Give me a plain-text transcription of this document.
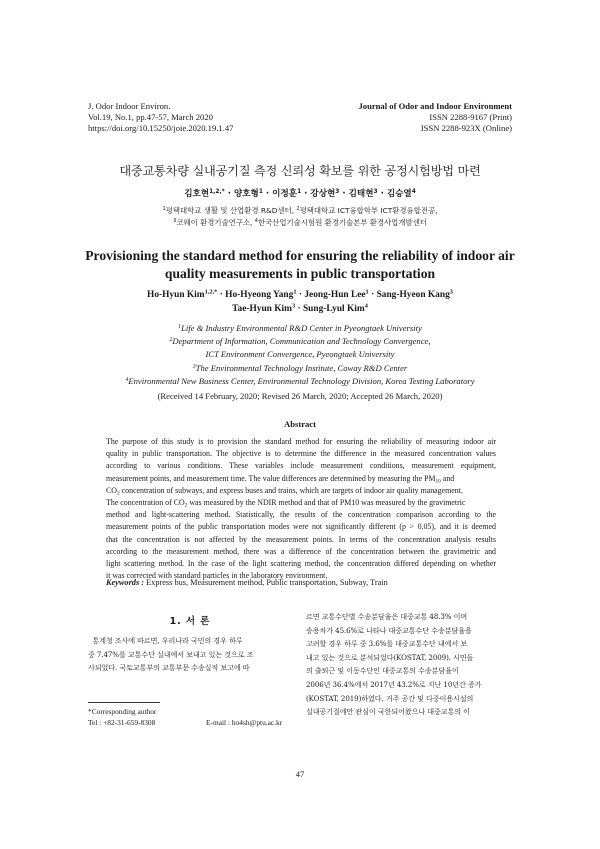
J. Odor Indoor Environ.
Vol.19, No.1, pp.47-57, March 2020
https://doi.org/10.15250/joie.2020.19.1.47
Journal of Odor and Indoor Environment
ISSN 2288-9167 (Print)
ISSN 2288-923X (Online)
대중교통차량 실내공기질 측정 신뢰성 확보를 위한 공정시험방법 마련
김호현$^{1,2,*}$ · 양호형$^1$ · 이정훈$^1$ · 강상현$^3$ · 김태현$^3$ · 김승열$^4$
$^1$평택대학교 생활 및 산업환경 R&D센터, $^2$평택대학교 ICT융합학부 ICT환경융합전공,
$^3$코웨이 환경기술연구소, $^4$한국산업기술시험원 환경기술본부 환경사업개발센터
Provisioning the standard method for ensuring the reliability of indoor air
quality measurements in public transportation
Ho-Hyun Kim$^{1,2,*}$ · Ho-Hyeong Yang$^1$ · Jeong-Hun Lee$^1$ · Sang-Hyeon Kang$^3$
Tae-Hyun Kim$^3$ · Sung-Lyul Kim$^4$
$^1$Life & Industry Environmental R&D Center in Pyeongtaek University
$^2$Department of Information, Communication and Technology Convergence,
ICT Environment Convergence, Pyeongtaek University
$^3$The Environmental Technology Institute, Coway R&D Center
$^4$Environmental New Business Center, Environmental Technology Division, Korea Testing Laboratory
(Received 14 February, 2020; Revised 26 March, 2020; Accepted 26 March, 2020)
Abstract
The purpose of this study is to provision the standard method for ensuring the reliability of measuring indoor air
quality in public transportation. The objective is to determine the difference in the measured concentration values
according to various conditions. These variables include measurement conditions, measurement equipment,
measurement points, and measurement time. The value differences are determined by measuring the $PM_{10}$ and
$CO_2$ concentration of subways, and express buses and trains, which are targets of indoor air quality management.
The concentration of $CO_2$ was measured by the NDIR method and that of PM10 was measured by the gravimetric
method and light-scattering method. Statistically, the results of the concentration comparison according to the
measurement points of the public transportation modes were not significantly different (p > 0.05), and it is deemed
that the concentration is not affected by the measurement points. In terms of the concentration analysis results
according to the measurement method, there was a difference of the concentration between the gravimetric and
light scattering method. In the case of the light scattering method, the concentration differed depending on whether
it was corrected with standard particles in the laboratory environment.
Keywords : Express bus, Measurement method, Public transportation, Subway, Train
1. 서 론
통계청 조사에 따르면, 우리나라 국민의 경우 하루
중 7.47%를 교통수단 실내에서 보내고 있는 것으로 조
사되었다. 국토교통부의 교통부문 수송실적 보고에 따
르면 교통수단별 수송분담율은 대중교통 48.3% 이며
승용차가 45.6%로 나타나 대중교통수단 수송분담율을
고려할 경우 하루 중 3.6%를 대중교통수단 내에서 보
내고 있는 것으로 분석되었다(KOSTAT, 2009). 시민들
의 출퇴근 및 이동수단인 대중교통의 수송분담율이
2006년 36.4%에서 2017년 43.2%로 지난 10년간 증가
(KOSTAT, 2019)하였다. 거주 공간 및 다중이용시설의
실내공기질에만 관심이 국한되어왔으나 대중교통의 이
*Corresponding author
Tel : +82-31-659-8308	E-mail : ho4sh@ptu.ac.kr
47
